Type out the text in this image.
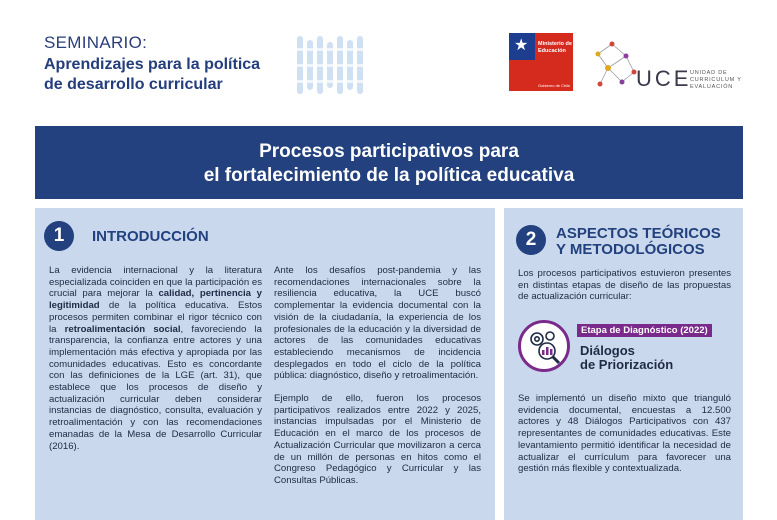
SEMINARIO:
Aprendizajes para la política
de desarrollo curricular
★ Ministerio de
Educación
Gobierno de Chile	UCE
UNIDAD DE
CURRICULUM Y
EVALUACIÓN
Procesos participativos para
el fortalecimiento de la política educativa
1	INTRODUCCIÓN

La evidencia internacional y la literatura especializada coinciden en que la participación es crucial para mejorar la calidad, pertinencia y legitimidad de la política educativa. Estos procesos permiten combinar el rigor técnico con la retroalimentación social, favoreciendo la transparencia, la confianza entre actores y una implementación más efectiva y apropiada por las comunidades educativas. Esto es concordante con las definiciones de la LGE (art. 31), que establece que los procesos de diseño y actualización curricular deben considerar instancias de diagnóstico, consulta, evaluación y retroalimentación y con las recomendaciones emanadas de la Mesa de Desarrollo Curricular (2016).

Ante los desafíos post-pandemia y las recomendaciones internacionales sobre la resiliencia educativa, la UCE buscó complementar la evidencia documental con la visión de la ciudadanía, la experiencia de los profesionales de la educación y la diversidad de actores de las comunidades educativas estableciendo mecanismos de incidencia desplegados en todo el ciclo de la política pública: diagnóstico, diseño y retroalimentación.

Ejemplo de ello, fueron los procesos participativos realizados entre 2022 y 2025, instancias impulsadas por el Ministerio de Educación en el marco de los procesos de Actualización Curricular que movilizaron a cerca de un millón de personas en hitos como el Congreso Pedagógico y Curricular y las Consultas Públicas.

2	ASPECTOS TEÓRICOS
Y METODOLÓGICOS
Los procesos participativos estuvieron presentes en distintas etapas de diseño de las propuestas de actualización curricular:
Etapa de Diagnóstico (2022)
Diálogos
de Priorización
Se implementó un diseño mixto que trianguló evidencia documental, encuestas a 12.500 actores y 48 Diálogos Participativos con 437 representantes de comunidades educativas. Este levantamiento permitió identificar la necesidad de actualizar el currículum para favorecer una gestión más flexible y contextualizada.
